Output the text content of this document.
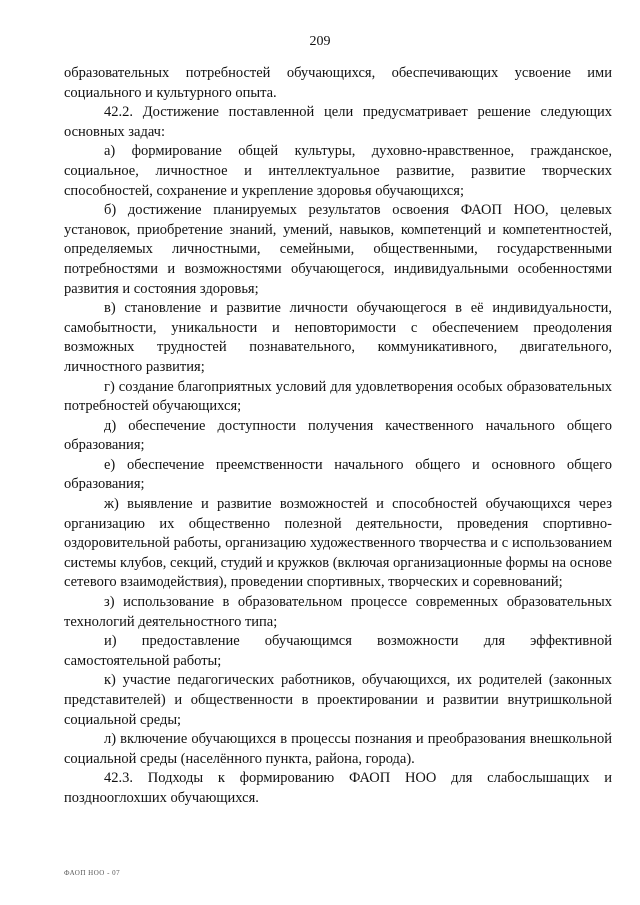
209

образовательных потребностей обучающихся, обеспечивающих усвоение ими социального и культурного опыта.

42.2. Достижение поставленной цели предусматривает решение следующих основных задач:

а) формирование общей культуры, духовно-нравственное, гражданское, социальное, личностное и интеллектуальное развитие, развитие творческих способностей, сохранение и укрепление здоровья обучающихся;

б) достижение планируемых результатов освоения ФАОП НОО, целевых установок, приобретение знаний, умений, навыков, компетенций и компетентностей, определяемых личностными, семейными, общественными, государственными потребностями и возможностями обучающегося, индивидуальными особенностями развития и состояния здоровья;

в) становление и развитие личности обучающегося в её индивидуальности, самобытности, уникальности и неповторимости с обеспечением преодоления возможных трудностей познавательного, коммуникативного, двигательного, личностного развития;

г) создание благоприятных условий для удовлетворения особых образовательных потребностей обучающихся;

д) обеспечение доступности получения качественного начального общего образования;

е) обеспечение преемственности начального общего и основного общего образования;

ж) выявление и развитие возможностей и способностей обучающихся через организацию их общественно полезной деятельности, проведения спортивно-оздоровительной работы, организацию художественного творчества и с использованием системы клубов, секций, студий и кружков (включая организационные формы на основе сетевого взаимодействия), проведении спортивных, творческих и соревнований;

з) использование в образовательном процессе современных образовательных технологий деятельностного типа;

и) предоставление обучающимся возможности для эффективной самостоятельной работы;

к) участие педагогических работников, обучающихся, их родителей (законных представителей) и общественности в проектировании и развитии внутришкольной социальной среды;

л) включение обучающихся в процессы познания и преобразования внешкольной социальной среды (населённого пункта, района, города).

42.3. Подходы к формированию ФАОП НОО для слабослышащих и позднооглохших обучающихся.

ФАОП НОО - 07
